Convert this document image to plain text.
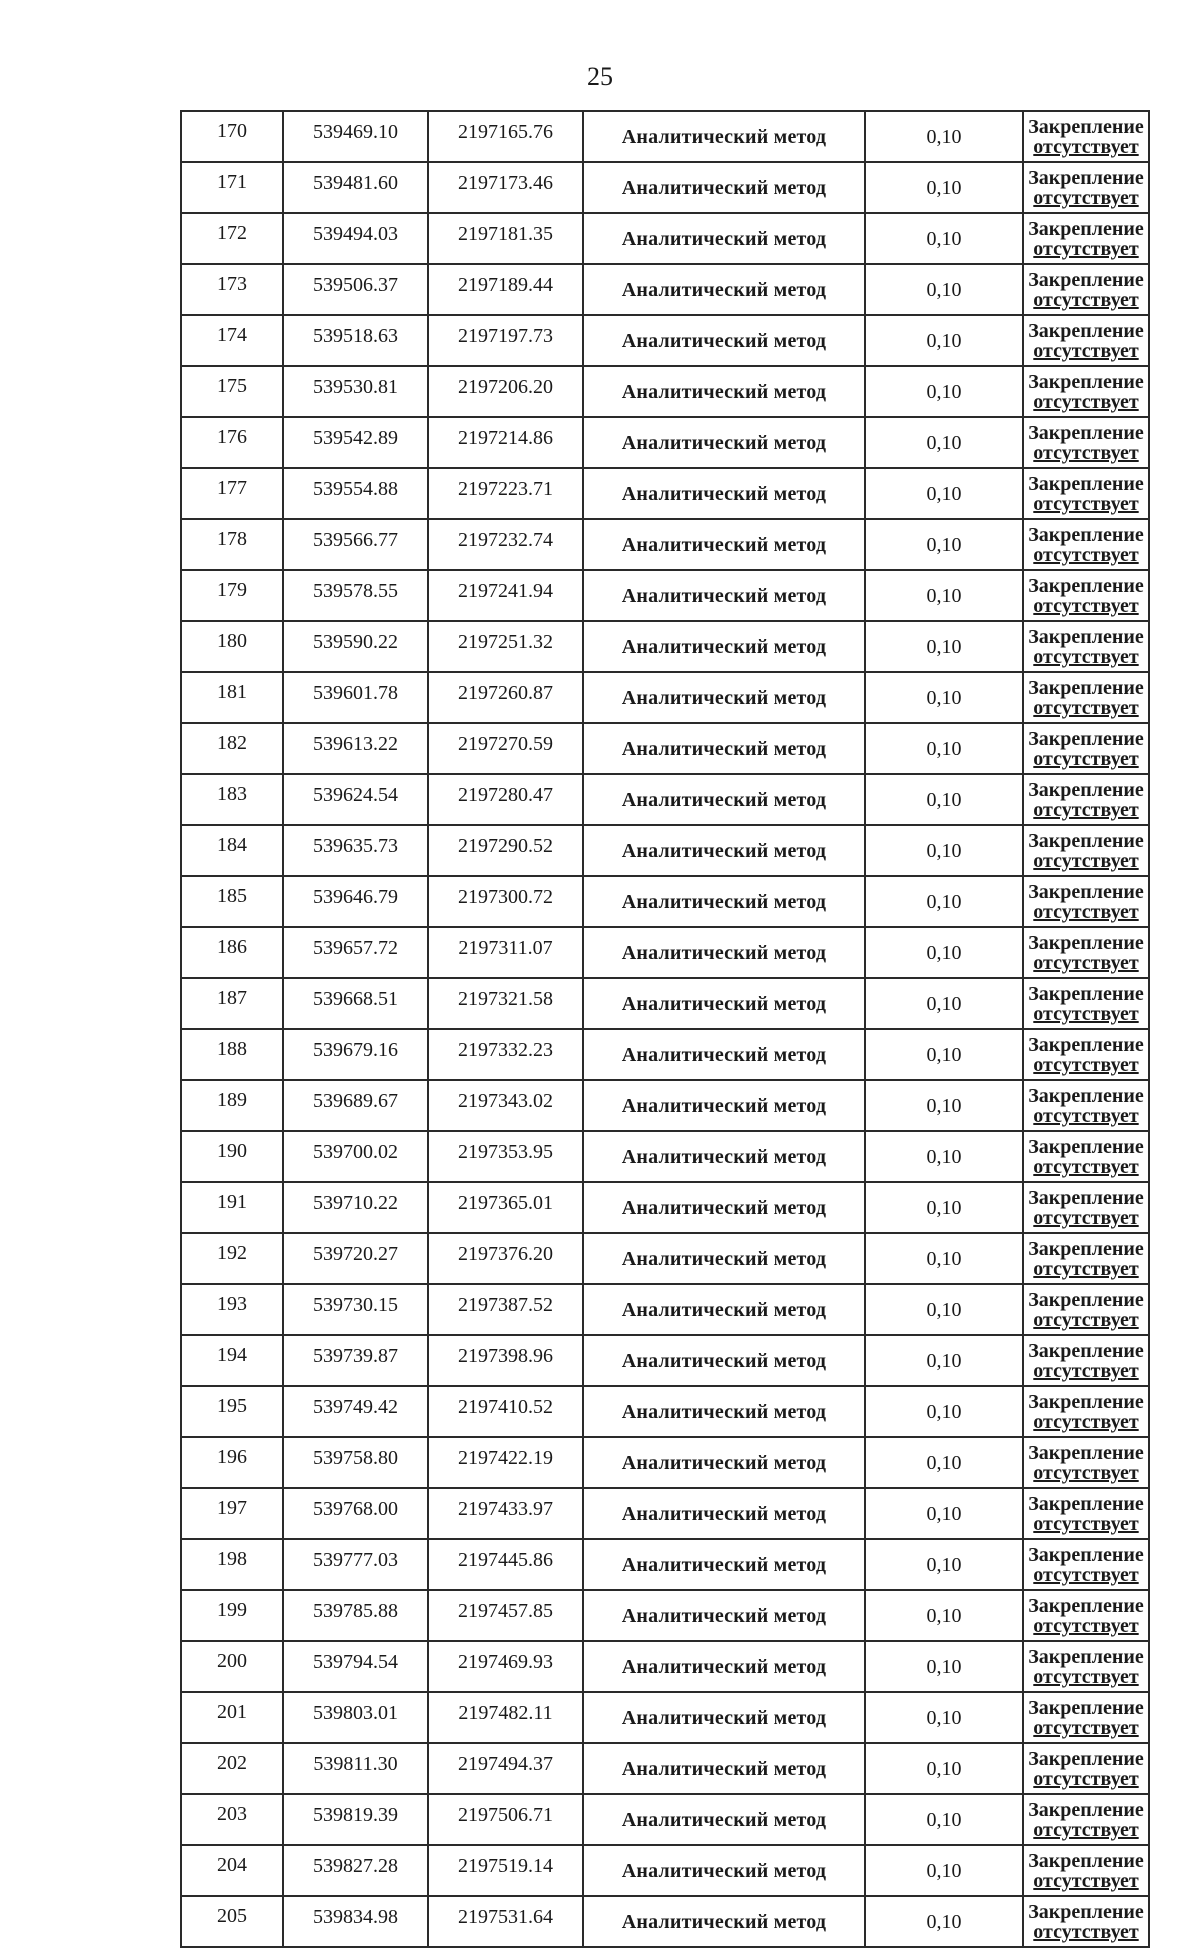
25
170	539469.10	2197165.76	Аналитический метод	0,10	Закрепление
отсутствует

171	539481.60	2197173.46	Аналитический метод	0,10	Закрепление
отсутствует

172	539494.03	2197181.35	Аналитический метод	0,10	Закрепление
отсутствует

173	539506.37	2197189.44	Аналитический метод	0,10	Закрепление
отсутствует

174	539518.63	2197197.73	Аналитический метод	0,10	Закрепление
отсутствует

175	539530.81	2197206.20	Аналитический метод	0,10	Закрепление
отсутствует

176	539542.89	2197214.86	Аналитический метод	0,10	Закрепление
отсутствует

177	539554.88	2197223.71	Аналитический метод	0,10	Закрепление
отсутствует

178	539566.77	2197232.74	Аналитический метод	0,10	Закрепление
отсутствует

179	539578.55	2197241.94	Аналитический метод	0,10	Закрепление
отсутствует

180	539590.22	2197251.32	Аналитический метод	0,10	Закрепление
отсутствует

181	539601.78	2197260.87	Аналитический метод	0,10	Закрепление
отсутствует

182	539613.22	2197270.59	Аналитический метод	0,10	Закрепление
отсутствует

183	539624.54	2197280.47	Аналитический метод	0,10	Закрепление
отсутствует

184	539635.73	2197290.52	Аналитический метод	0,10	Закрепление
отсутствует

185	539646.79	2197300.72	Аналитический метод	0,10	Закрепление
отсутствует

186	539657.72	2197311.07	Аналитический метод	0,10	Закрепление
отсутствует

187	539668.51	2197321.58	Аналитический метод	0,10	Закрепление
отсутствует

188	539679.16	2197332.23	Аналитический метод	0,10	Закрепление
отсутствует

189	539689.67	2197343.02	Аналитический метод	0,10	Закрепление
отсутствует

190	539700.02	2197353.95	Аналитический метод	0,10	Закрепление
отсутствует

191	539710.22	2197365.01	Аналитический метод	0,10	Закрепление
отсутствует

192	539720.27	2197376.20	Аналитический метод	0,10	Закрепление
отсутствует

193	539730.15	2197387.52	Аналитический метод	0,10	Закрепление
отсутствует

194	539739.87	2197398.96	Аналитический метод	0,10	Закрепление
отсутствует

195	539749.42	2197410.52	Аналитический метод	0,10	Закрепление
отсутствует

196	539758.80	2197422.19	Аналитический метод	0,10	Закрепление
отсутствует

197	539768.00	2197433.97	Аналитический метод	0,10	Закрепление
отсутствует

198	539777.03	2197445.86	Аналитический метод	0,10	Закрепление
отсутствует

199	539785.88	2197457.85	Аналитический метод	0,10	Закрепление
отсутствует

200	539794.54	2197469.93	Аналитический метод	0,10	Закрепление
отсутствует

201	539803.01	2197482.11	Аналитический метод	0,10	Закрепление
отсутствует

202	539811.30	2197494.37	Аналитический метод	0,10	Закрепление
отсутствует

203	539819.39	2197506.71	Аналитический метод	0,10	Закрепление
отсутствует

204	539827.28	2197519.14	Аналитический метод	0,10	Закрепление
отсутствует

205	539834.98	2197531.64	Аналитический метод	0,10	Закрепление
отсутствует
